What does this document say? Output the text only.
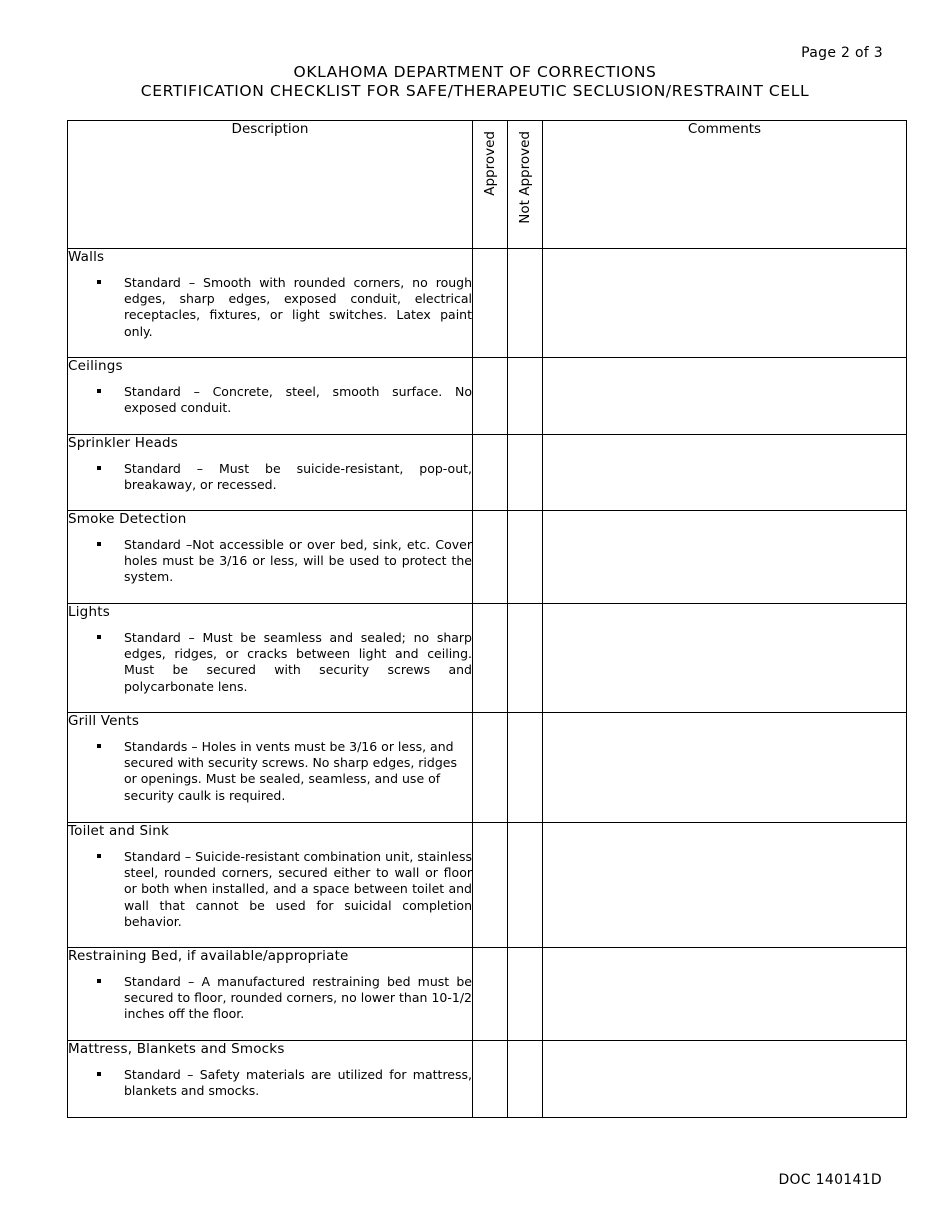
Page 2 of 3
OKLAHOMA DEPARTMENT OF CORRECTIONS
CERTIFICATION CHECKLIST FOR SAFE/THERAPEUTIC SECLUSION/RESTRAINT CELL
Description	Approved	Not Approved	Comments

Walls
Standard – Smooth with rounded corners, no rough edges, sharp edges, exposed conduit, electrical receptacles, fixtures, or light switches. Latex paint only.			

Ceilings
Standard – Concrete, steel, smooth surface. No exposed conduit.			

Sprinkler Heads
Standard – Must be suicide-resistant, pop-out, breakaway, or recessed.			

Smoke Detection
Standard –Not accessible or over bed, sink, etc. Cover holes must be 3/16 or less, will be used to protect the system.			

Lights
Standard – Must be seamless and sealed; no sharp edges, ridges, or cracks between light and ceiling. Must be secured with security screws and polycarbonate lens.			

Grill Vents
Standards – Holes in vents must be 3/16 or less, and secured with security screws. No sharp edges, ridges or openings. Must be sealed, seamless, and use of security caulk is required.			

Toilet and Sink
Standard – Suicide-resistant combination unit, stainless steel, rounded corners, secured either to wall or floor or both when installed, and a space between toilet and wall that cannot be used for suicidal completion behavior.			

Restraining Bed, if available/appropriate
Standard – A manufactured restraining bed must be secured to floor, rounded corners, no lower than 10-1/2 inches off the floor.			

Mattress, Blankets and Smocks
Standard – Safety materials are utilized for mattress, blankets and smocks.			

DOC 140141D
